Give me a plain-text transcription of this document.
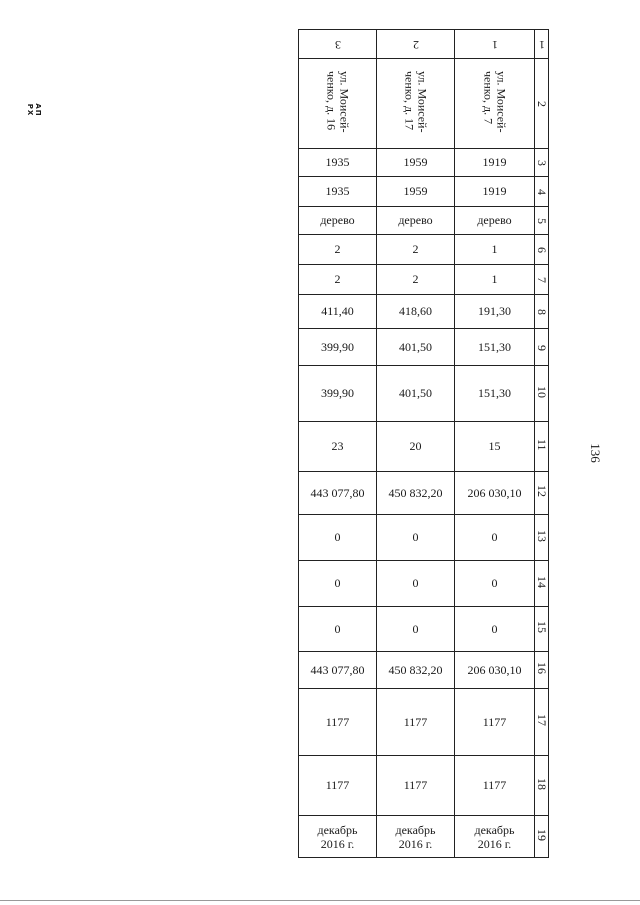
АП РХ
136
3	2	1	1
ул. Моисей-
ченко, д. 16	ул. Моисей-
ченко, д. 17	ул. Моисей-
ченко, д. 7	2
1935	1959	1919	3
1935	1959	1919	4
дерево	дерево	дерево	5
2	2	1	6
2	2	1	7
411,40	418,60	191,30	8
399,90	401,50	151,30	9
399,90	401,50	151,30	10
23	20	15	11
443 077,80	450 832,20	206 030,10	12
0	0	0	13
0	0	0	14
0	0	0	15
443 077,80	450 832,20	206 030,10	16
1177	1177	1177	17
1177	1177	1177	18
декабрь
2016 г.	декабрь
2016 г.	декабрь
2016 г.	19
